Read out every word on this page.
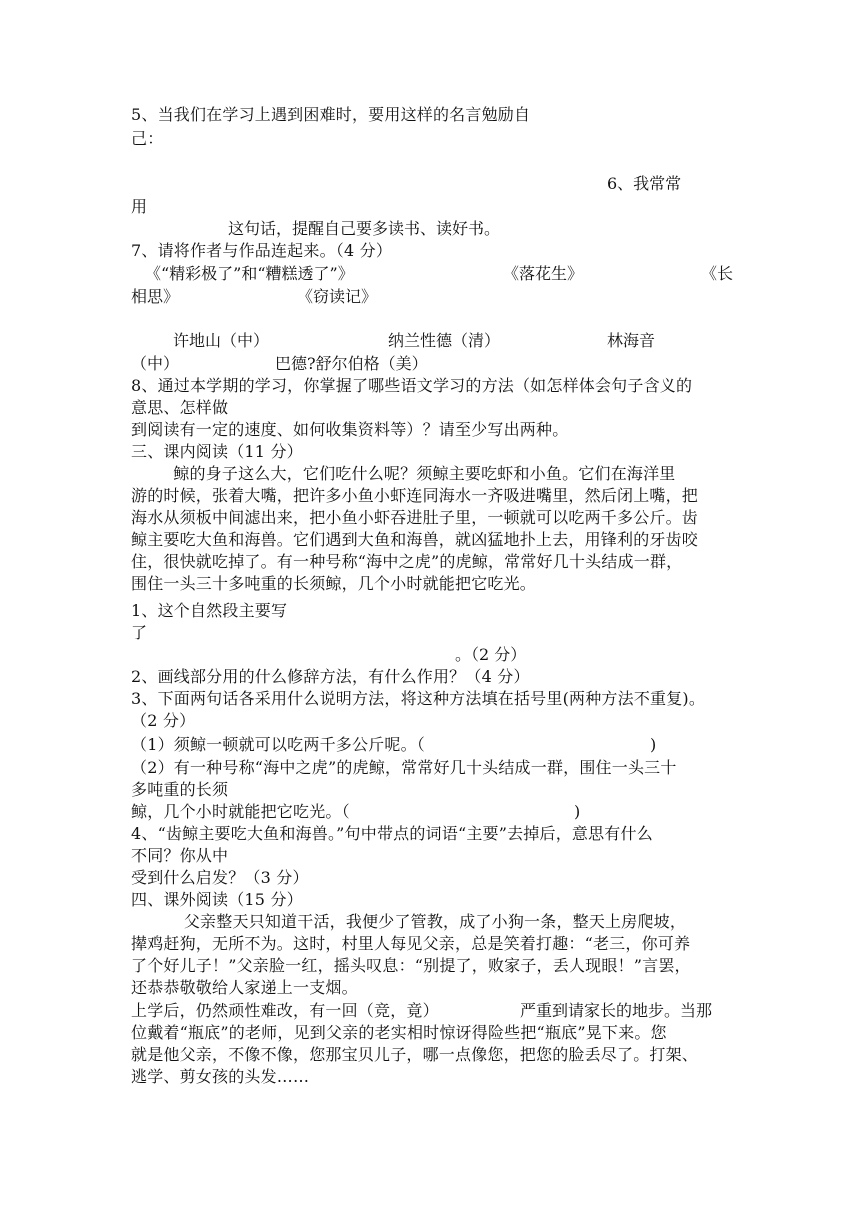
5、当我们在学习上遇到困难时，要用这样的名言勉励自
己：
6、我常常
用
这句话，提醒自己要多读书、读好书。
7、请将作者与作品连起来。（4 分）
《“精彩极了”和“糟糕透了”》	《落花生》	《长
相思》	《窃读记》
许地山（中）	纳兰性德（清）	林海音
（中）	巴德?舒尔伯格（美）
8、通过本学期的学习，你掌握了哪些语文学习的方法（如怎样体会句子含义的
意思、怎样做
到阅读有一定的速度、如何收集资料等）？请至少写出两种。
三、课内阅读（11 分）
鲸的身子这么大，它们吃什么呢？须鲸主要吃虾和小鱼。它们在海洋里
游的时候，张着大嘴，把许多小鱼小虾连同海水一齐吸进嘴里，然后闭上嘴，把
海水从须板中间滤出来，把小鱼小虾吞进肚子里，一顿就可以吃两千多公斤。齿
鲸主要吃大鱼和海兽。它们遇到大鱼和海兽，就凶猛地扑上去，用锋利的牙齿咬
住，很快就吃掉了。有一种号称“海中之虎”的虎鲸，常常好几十头结成一群，
围住一头三十多吨重的长须鲸，几个小时就能把它吃光。
1、这个自然段主要写
了
。（2 分）
2、画线部分用的什么修辞方法，有什么作用？（4 分）
3、下面两句话各采用什么说明方法，将这种方法填在括号里(两种方法不重复)。
（2 分）
（1）须鲸一顿就可以吃两千多公斤呢。（	)
（2）有一种号称“海中之虎”的虎鲸，常常好几十头结成一群，围住一头三十
多吨重的长须
鲸，几个小时就能把它吃光。（	)
4、“齿鲸主要吃大鱼和海兽。”句中带点的词语“主要”去掉后，意思有什么
不同？你从中
受到什么启发？（3 分）
四、课外阅读（15 分）
父亲整天只知道干活，我便少了管教，成了小狗一条，整天上房爬坡，
撵鸡赶狗，无所不为。这时，村里人每见父亲，总是笑着打趣：“老三，你可养
了个好儿子！”父亲脸一红，摇头叹息：“别提了，败家子，丢人现眼！”言罢，
还恭恭敬敬给人家递上一支烟。
上学后，仍然顽性难改，有一回（竞，竟）	严重到请家长的地步。当那
位戴着“瓶底”的老师，见到父亲的老实相时惊讶得险些把“瓶底”晃下来。您
就是他父亲，不像不像，您那宝贝儿子，哪一点像您，把您的脸丢尽了。打架、
逃学、剪女孩的头发……
